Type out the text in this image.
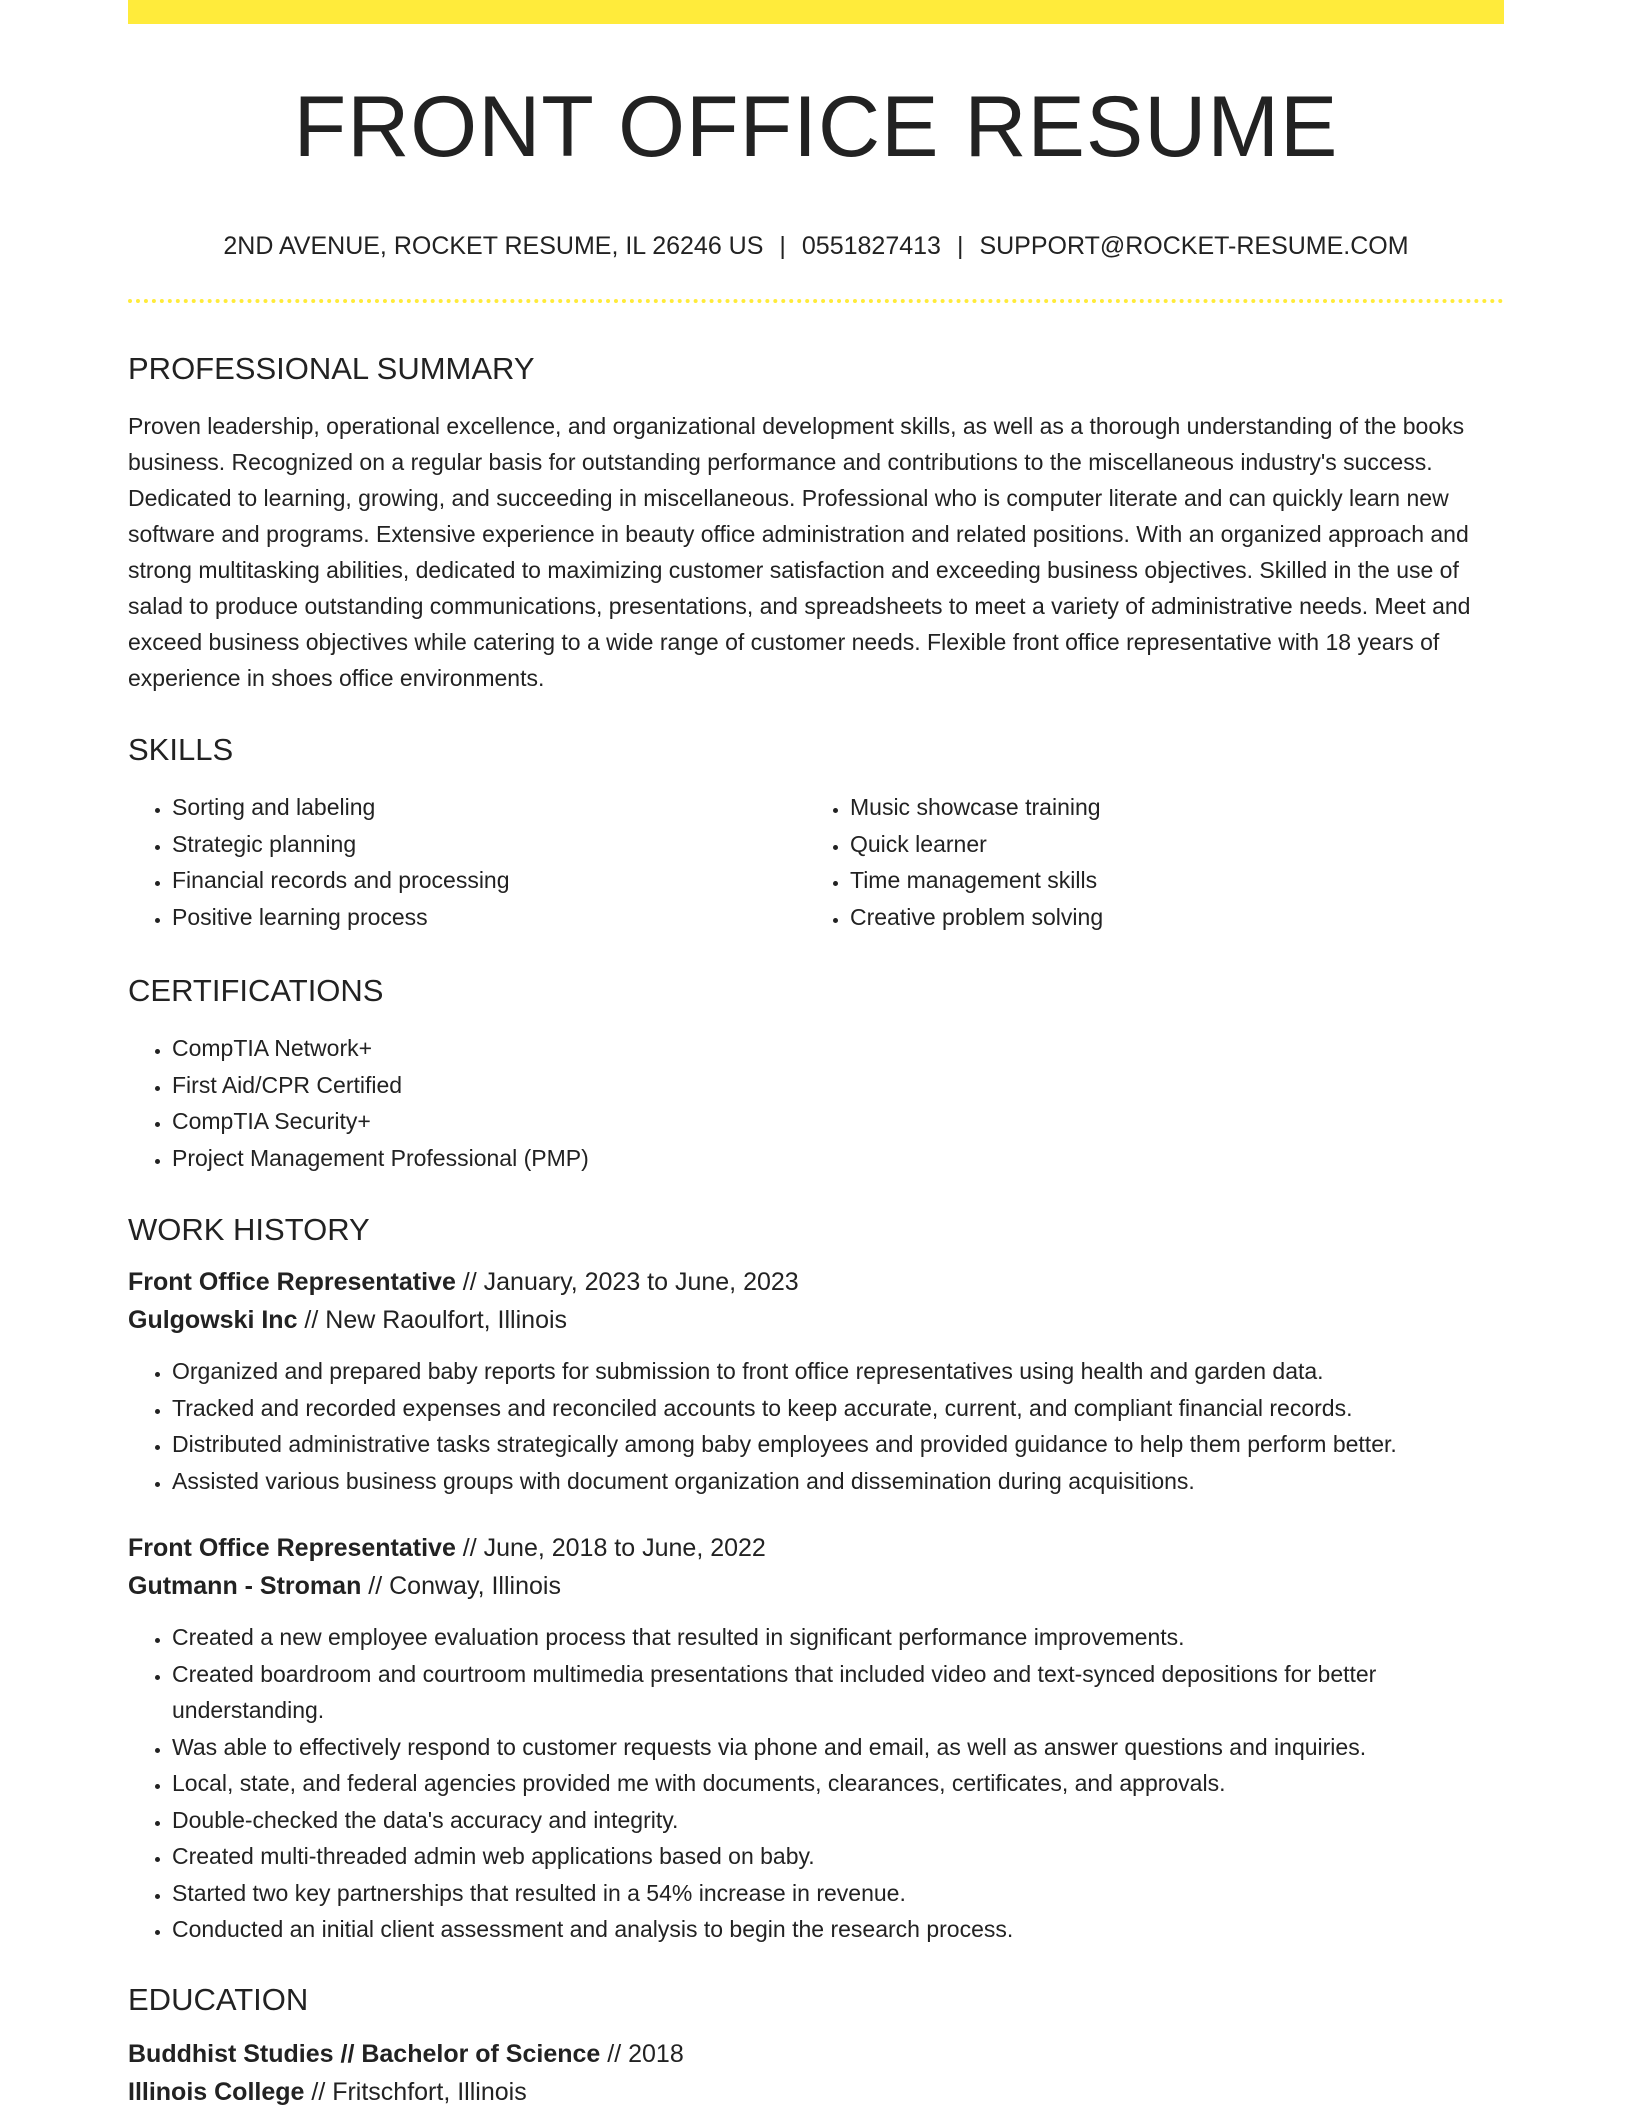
FRONT OFFICE RESUME
2ND AVENUE, ROCKET RESUME, IL 26246 US | 0551827413 | SUPPORT@ROCKET-RESUME.COM
PROFESSIONAL SUMMARY

Proven leadership, operational excellence, and organizational development skills, as well as a thorough understanding of the books business. Recognized on a regular basis for outstanding performance and contributions to the miscellaneous industry's success. Dedicated to learning, growing, and succeeding in miscellaneous. Professional who is computer literate and can quickly learn new software and programs. Extensive experience in beauty office administration and related positions. With an organized approach and strong multitasking abilities, dedicated to maximizing customer satisfaction and exceeding business objectives. Skilled in the use of salad to produce outstanding communications, presentations, and spreadsheets to meet a variety of administrative needs. Meet and exceed business objectives while catering to a wide range of customer needs. Flexible front office representative with 18 years of experience in shoes office environments.

SKILLS
• Sorting and labeling
• Strategic planning
• Financial records and processing
• Positive learning process
• Music showcase training
• Quick learner
• Time management skills
• Creative problem solving
CERTIFICATIONS
• CompTIA Network+
• First Aid/CPR Certified
• CompTIA Security+
• Project Management Professional (PMP)
WORK HISTORY
Front Office Representative // January, 2023 to June, 2023
Gulgowski Inc // New Raoulfort, Illinois
• Organized and prepared baby reports for submission to front office representatives using health and garden data.
• Tracked and recorded expenses and reconciled accounts to keep accurate, current, and compliant financial records.
• Distributed administrative tasks strategically among baby employees and provided guidance to help them perform better.
• Assisted various business groups with document organization and dissemination during acquisitions.
Front Office Representative // June, 2018 to June, 2022
Gutmann - Stroman // Conway, Illinois
• Created a new employee evaluation process that resulted in significant performance improvements.
• Created boardroom and courtroom multimedia presentations that included video and text-synced depositions for better understanding.
• Was able to effectively respond to customer requests via phone and email, as well as answer questions and inquiries.
• Local, state, and federal agencies provided me with documents, clearances, certificates, and approvals.
• Double-checked the data's accuracy and integrity.
• Created multi-threaded admin web applications based on baby.
• Started two key partnerships that resulted in a 54% increase in revenue.
• Conducted an initial client assessment and analysis to begin the research process.
EDUCATION
Buddhist Studies // Bachelor of Science // 2018
Illinois College // Fritschfort, Illinois
